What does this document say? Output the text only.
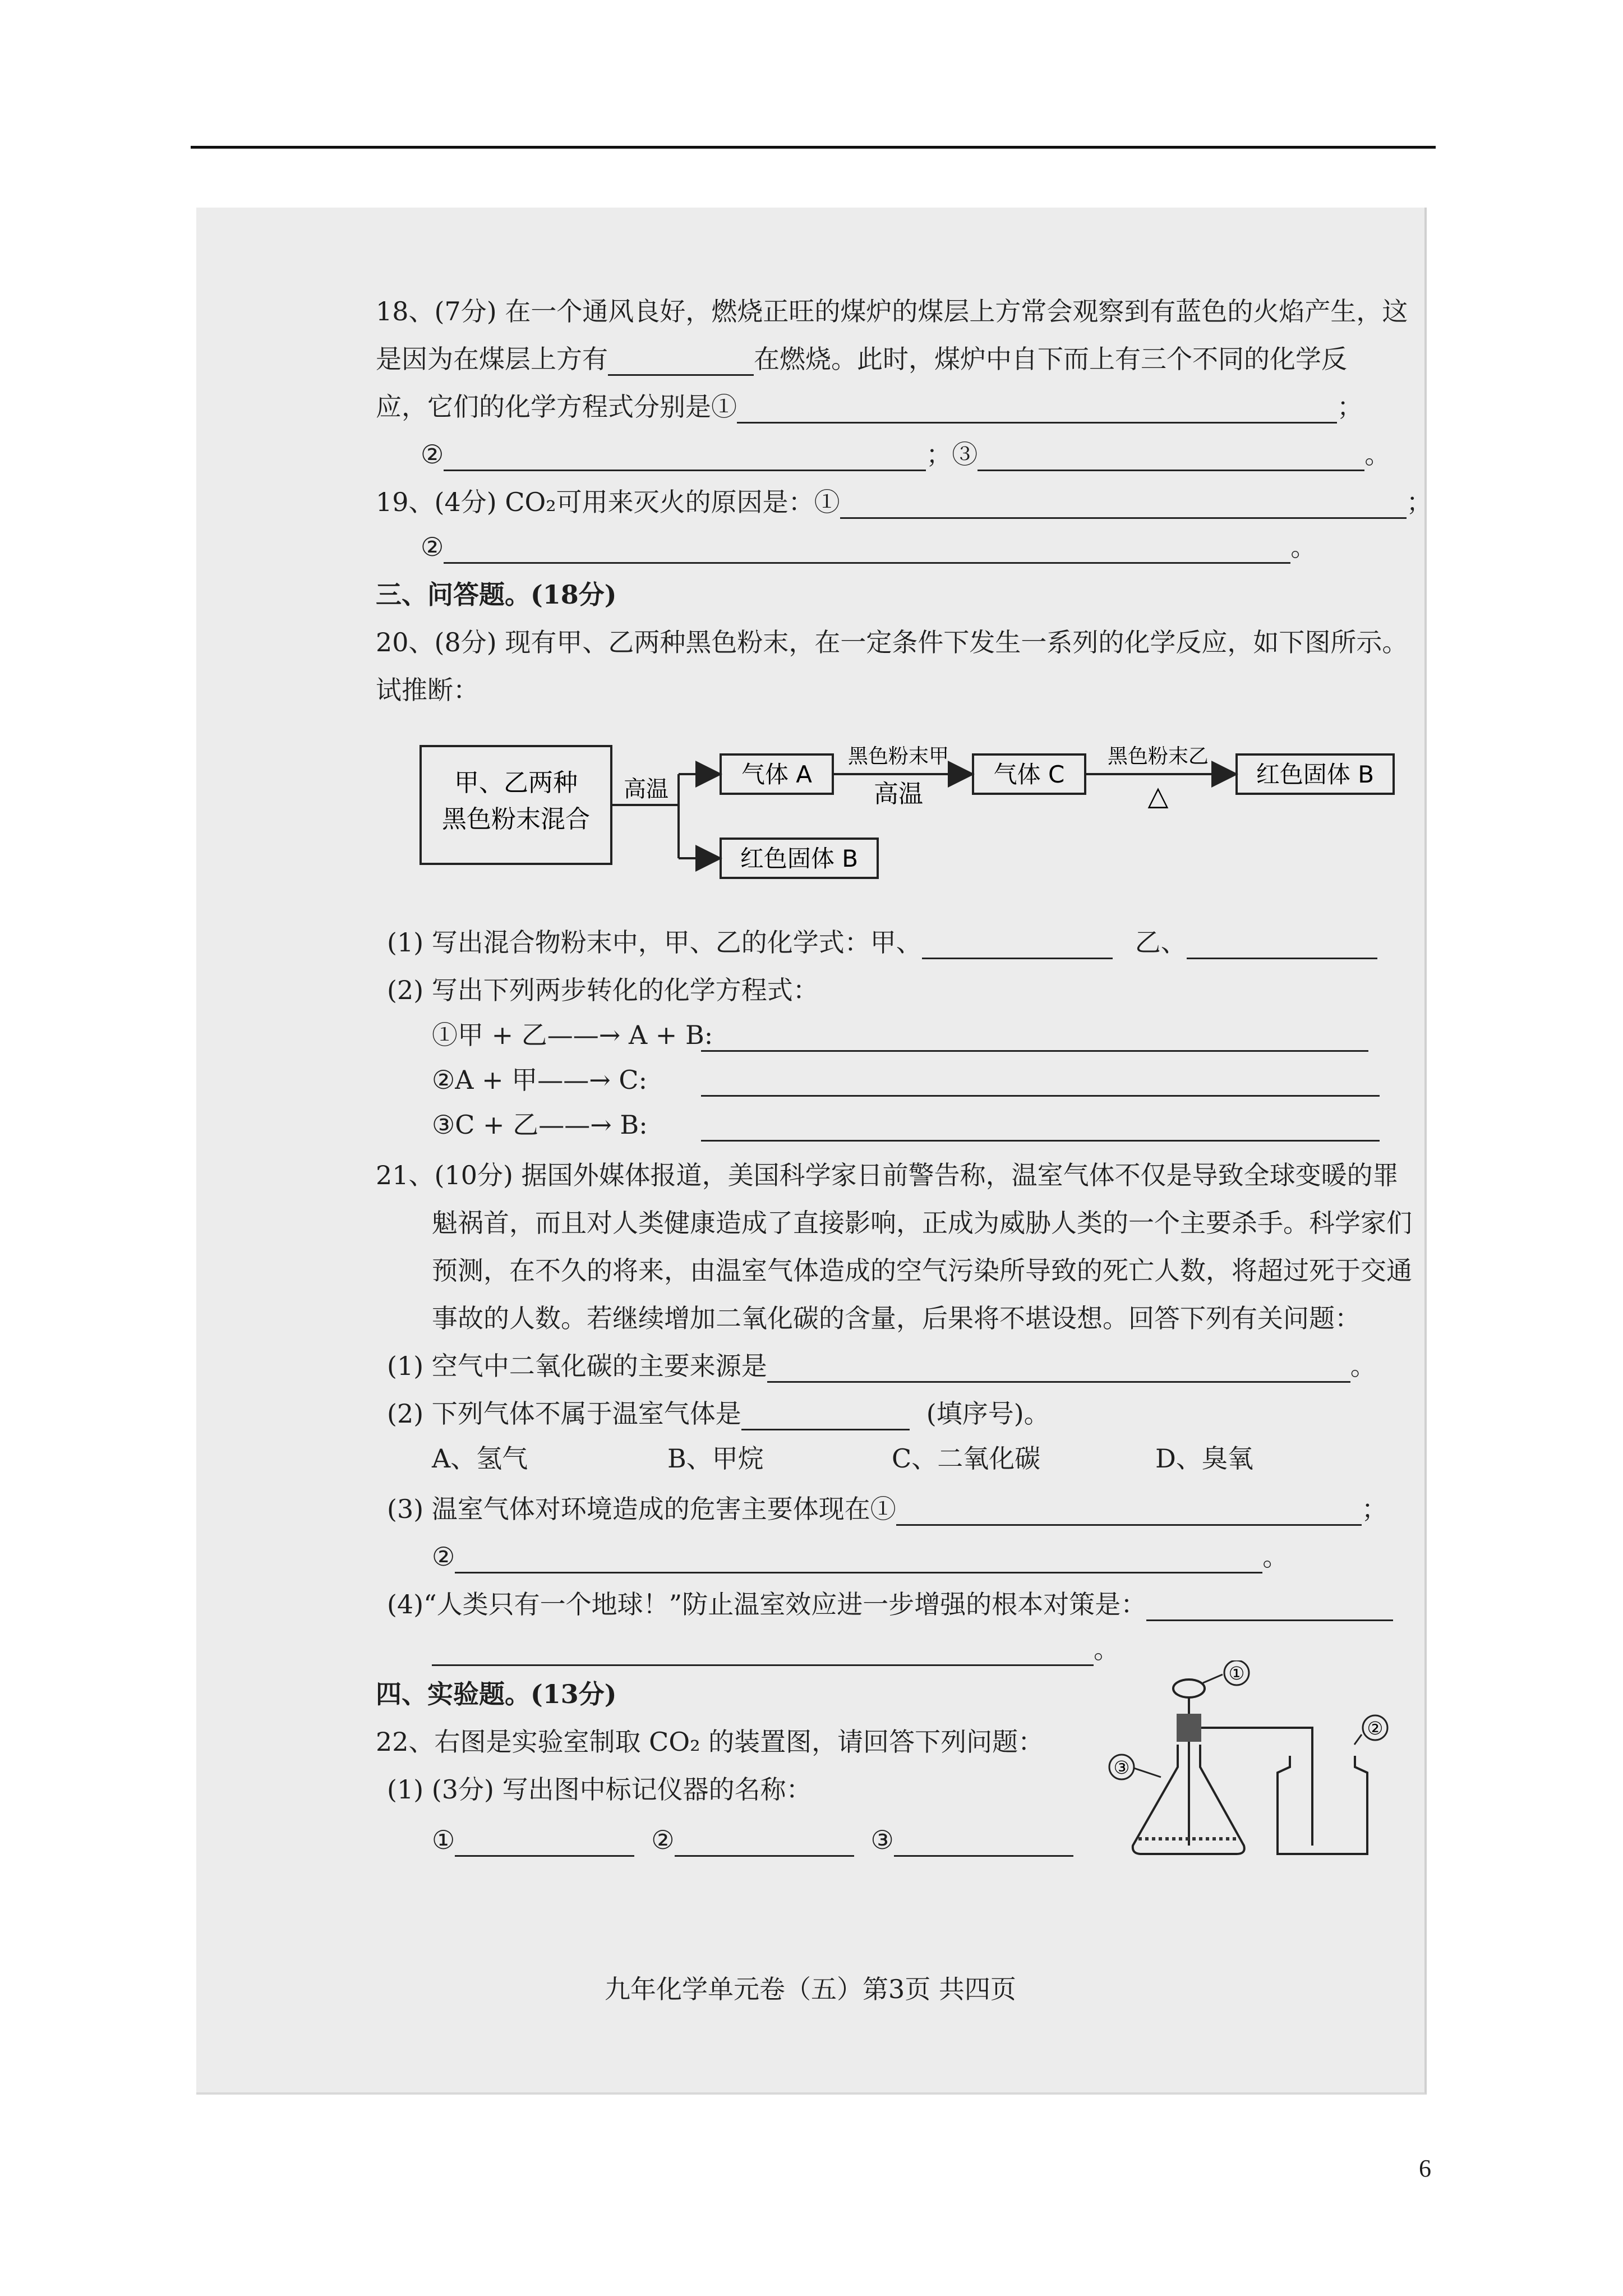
18、(7分) 在一个通风良好，燃烧正旺的煤炉的煤层上方常会观察到有蓝色的火焰产生，这
是因为在煤层上方有	在燃烧。此时，煤炉中自下而上有三个不同的化学反
应，它们的化学方程式分别是①	；
②	；③	。
19、(4分) CO₂可用来灭火的原因是：①	；
②	。
三、问答题。(18分)
20、(8分) 现有甲、乙两种黑色粉末，在一定条件下发生一系列的化学反应，如下图所示。
试推断：
甲、乙两种
黑色粉末混合
高温
气体 A
红色固体 B
黑色粉末甲
高温
气体 C
黑色粉末乙
△
红色固体 B
(1) 写出混合物粉末中，甲、乙的化学式：甲、	乙、
(2) 写出下列两步转化的化学方程式：
①甲 + 乙——→ A + B:
②A + 甲——→ C:
③C + 乙——→ B:
21、(10分) 据国外媒体报道，美国科学家日前警告称，温室气体不仅是导致全球变暖的罪
魁祸首，而且对人类健康造成了直接影响，正成为威胁人类的一个主要杀手。科学家们
预测，在不久的将来，由温室气体造成的空气污染所导致的死亡人数，将超过死于交通
事故的人数。若继续增加二氧化碳的含量，后果将不堪设想。回答下列有关问题：
(1) 空气中二氧化碳的主要来源是	。
(2) 下列气体不属于温室气体是	(填序号)。
A、氢气	B、甲烷	C、二氧化碳	D、臭氧
(3) 温室气体对环境造成的危害主要体现在①	；
②	。
(4)“人类只有一个地球！”防止温室效应进一步增强的根本对策是：
。
四、实验题。(13分)
22、右图是实验室制取 CO₂ 的装置图，请回答下列问题：
(1) (3分) 写出图中标记仪器的名称：
①	②	③
①
②
③
九年化学单元卷（五）第3页 共四页
6
